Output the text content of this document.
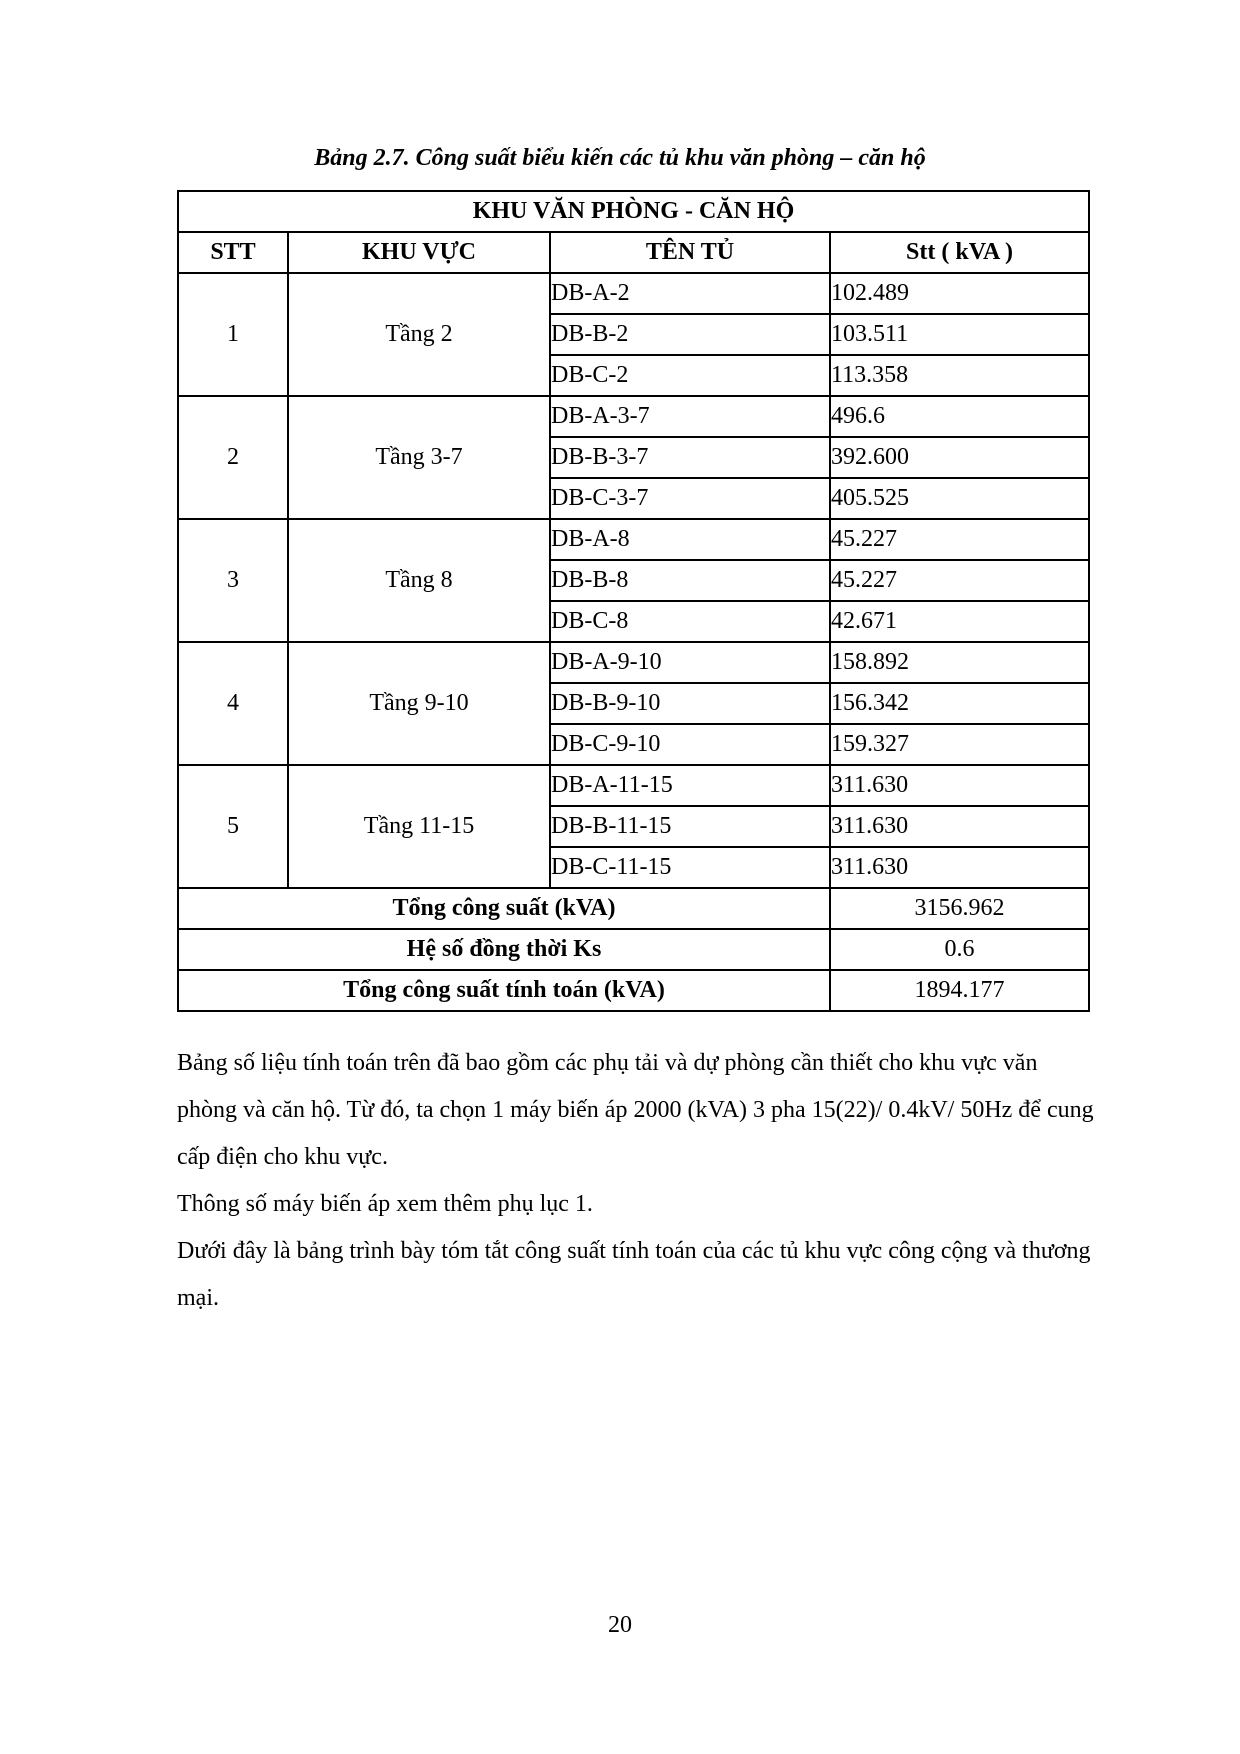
Bảng 2.7. Công suất biểu kiến các tủ khu văn phòng – căn hộ
KHU VĂN PHÒNG - CĂN HỘ			
STT	KHU VỰC	TÊN TỦ	Stt ( kVA )
1	Tầng 2	DB-A-2	102.489
		DB-B-2	103.511
		DB-C-2	113.358
2	Tầng 3-7	DB-A-3-7	496.6
		DB-B-3-7	392.600
		DB-C-3-7	405.525
3	Tầng 8	DB-A-8	45.227
		DB-B-8	45.227
		DB-C-8	42.671
4	Tầng 9-10	DB-A-9-10	158.892
		DB-B-9-10	156.342
		DB-C-9-10	159.327
5	Tầng 11-15	DB-A-11-15	311.630
		DB-B-11-15	311.630
		DB-C-11-15	311.630
Tổng công suất (kVA)			3156.962
Hệ số đồng thời Ks			0.6
Tổng công suất tính toán (kVA)			1894.177
Bảng số liệu tính toán trên đã bao gồm các phụ tải và dự phòng cần thiết cho khu vực văn phòng và căn hộ. Từ đó, ta chọn 1 máy biến áp 2000 (kVA) 3 pha 15(22)/ 0.4kV/ 50Hz để cung cấp điện cho khu vực.
Thông số máy biến áp xem thêm phụ lục 1.
Dưới đây là bảng trình bày tóm tắt công suất tính toán của các tủ khu vực công cộng và thương mại.
20
